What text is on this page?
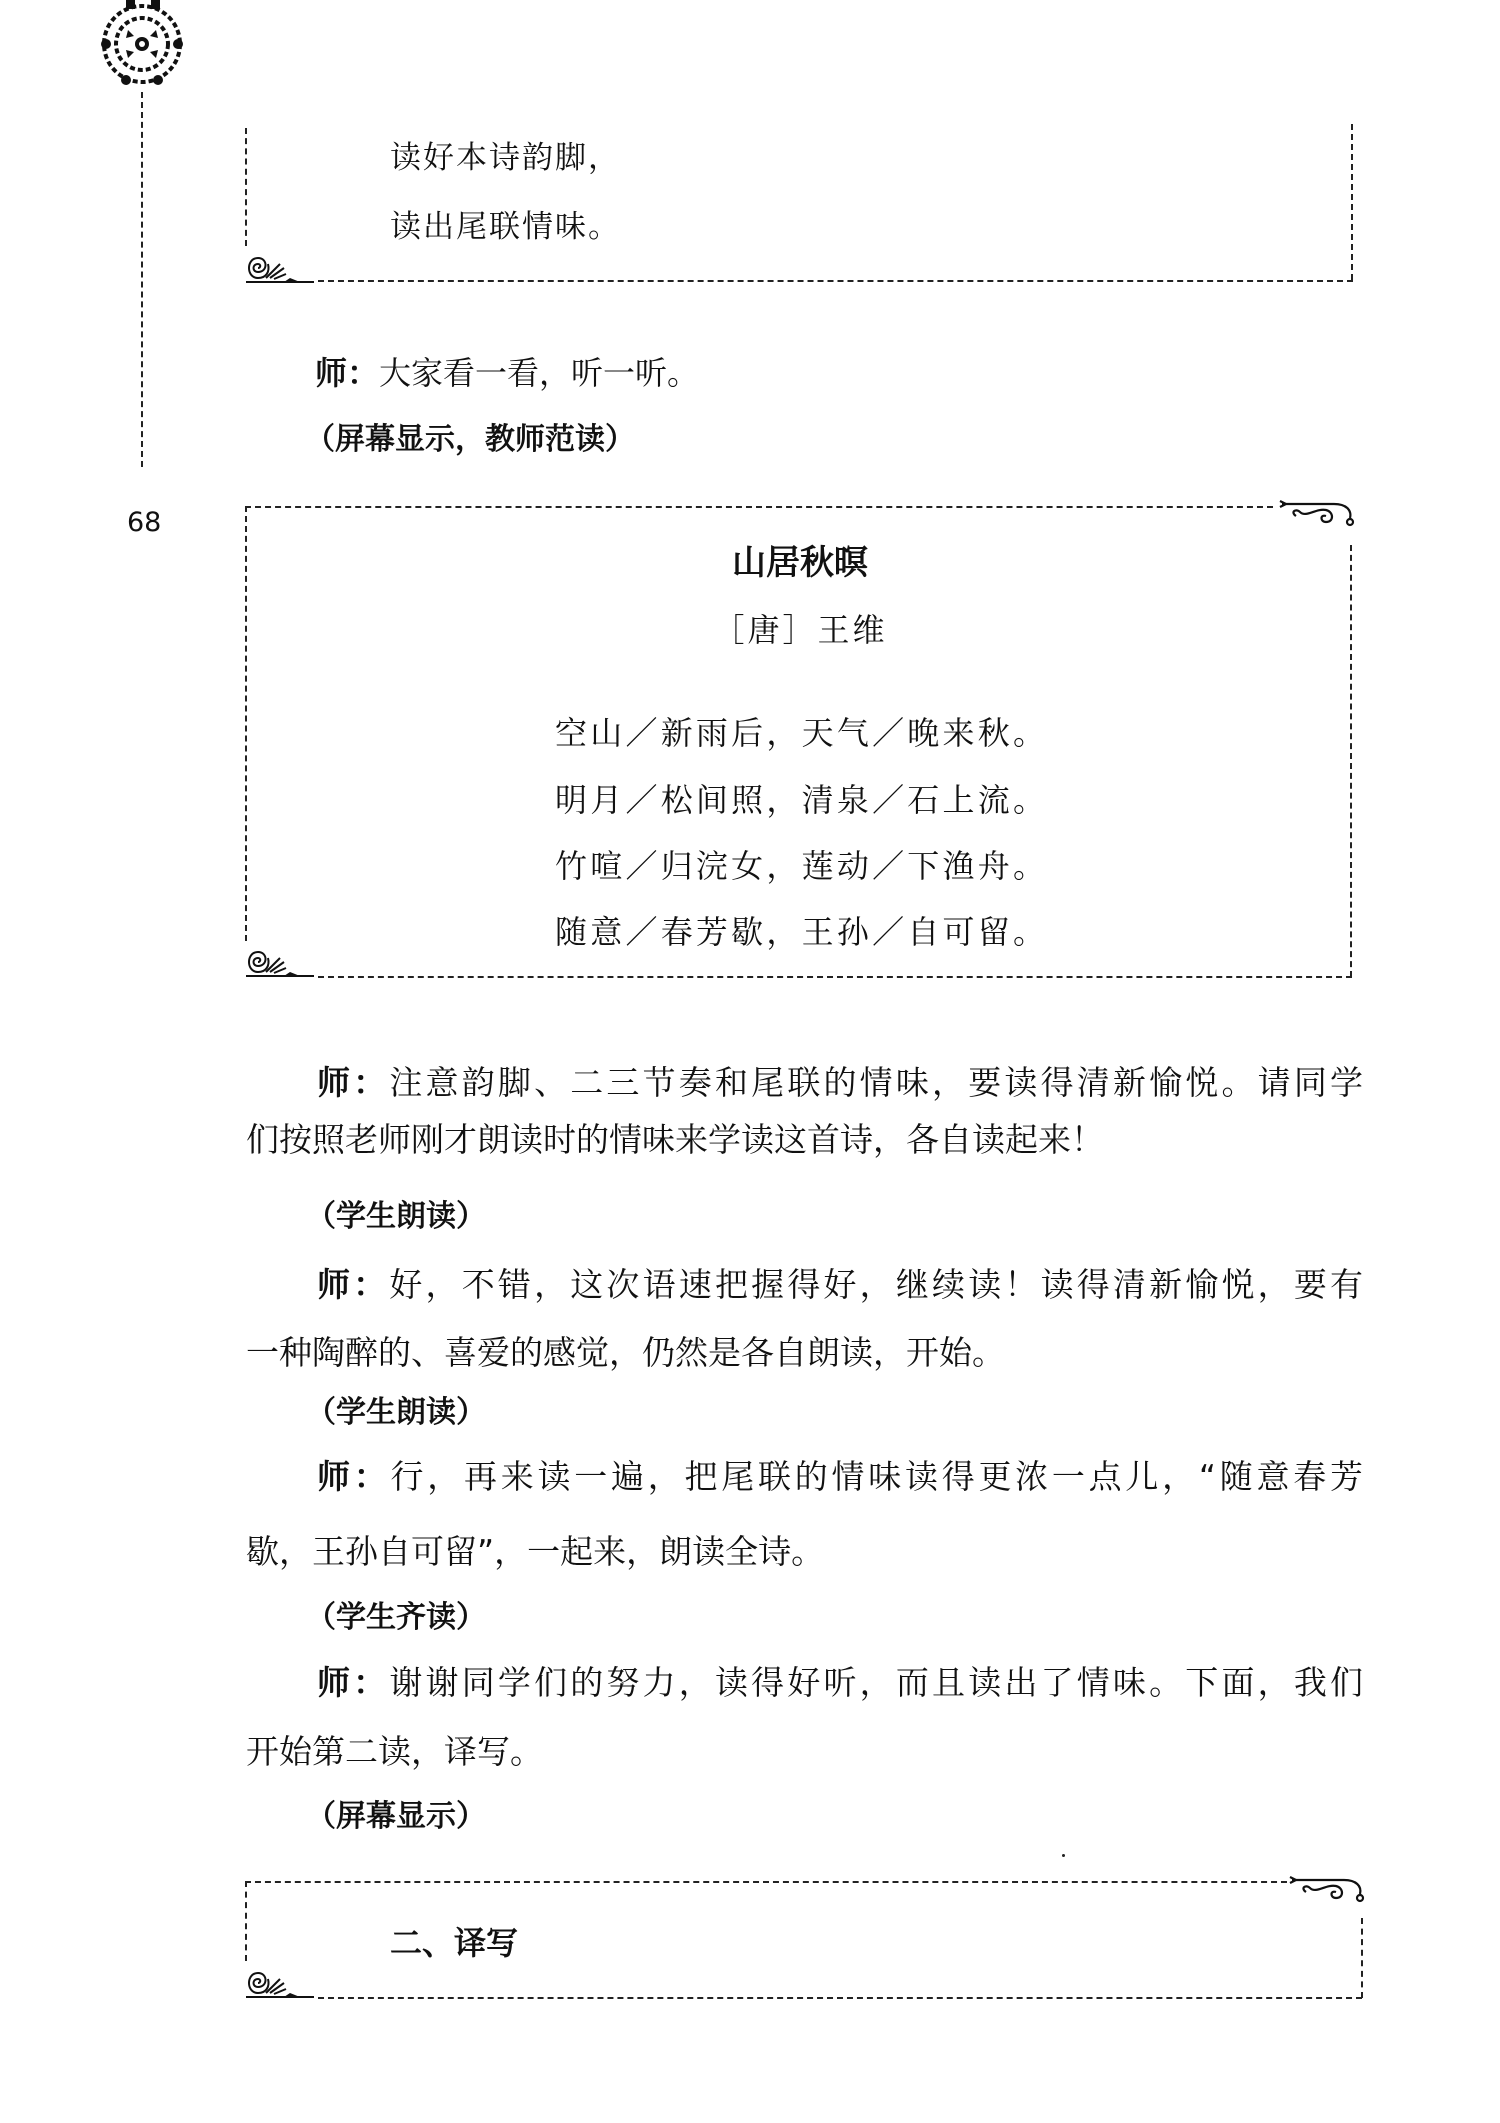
68
读好本诗韵脚，
读出尾联情味。
师：大家看一看，听一听。
（屏幕显示，教师范读）
山居秋暝
［唐］王维
空山／新雨后，天气／晚来秋。
明月／松间照，清泉／石上流。
竹喧／归浣女，莲动／下渔舟。
随意／春芳歇，王孙／自可留。
师：注意韵脚、二三节奏和尾联的情味，要读得清新愉悦。请同学
们按照老师刚才朗读时的情味来学读这首诗，各自读起来！
（学生朗读）
师：好，不错，这次语速把握得好，继续读！读得清新愉悦，要有
一种陶醉的、喜爱的感觉，仍然是各自朗读，开始。
（学生朗读）
师：行，再来读一遍，把尾联的情味读得更浓一点儿，“随意春芳
歇，王孙自可留”，一起来，朗读全诗。
（学生齐读）
师：谢谢同学们的努力，读得好听，而且读出了情味。下面，我们
开始第二读，译写。
（屏幕显示）
二、译写
